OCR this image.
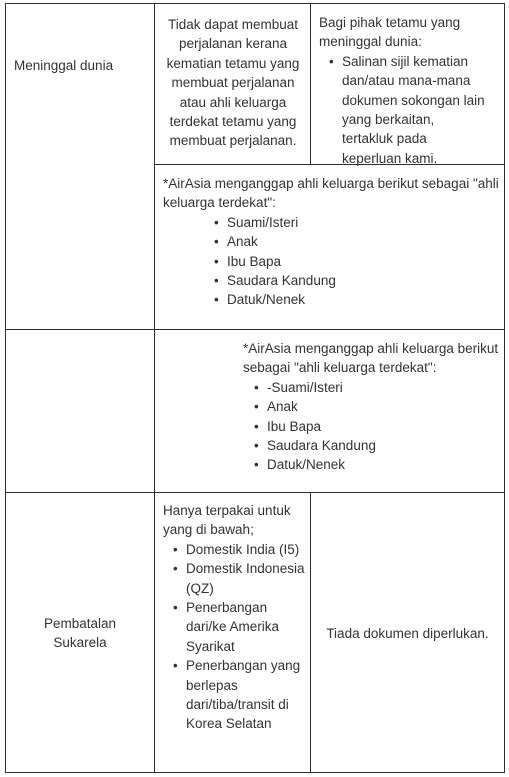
Meninggal dunia
Tidak dapat membuat perjalanan kerana kematian tetamu yang membuat perjalanan atau ahli keluarga terdekat tetamu yang membuat perjalanan.
Bagi pihak tetamu yang meninggal dunia:
• Salinan sijil kematian dan/atau mana-mana dokumen sokongan lain yang berkaitan, tertakluk pada keperluan kami.
*AirAsia menganggap ahli keluarga berikut sebagai "ahli keluarga terdekat":
• Suami/Isteri
• Anak
• Ibu Bapa
• Saudara Kandung
• Datuk/Nenek
*AirAsia menganggap ahli keluarga berikut sebagai "ahli keluarga terdekat":
• -Suami/Isteri
• Anak
• Ibu Bapa
• Saudara Kandung
• Datuk/Nenek
Pembatalan Sukarela
Hanya terpakai untuk yang di bawah;
• Domestik India (I5)
• Domestik Indonesia (QZ)
• Penerbangan dari/ke Amerika Syarikat
• Penerbangan yang berlepas dari/tiba/transit di Korea Selatan
Tiada dokumen diperlukan.
